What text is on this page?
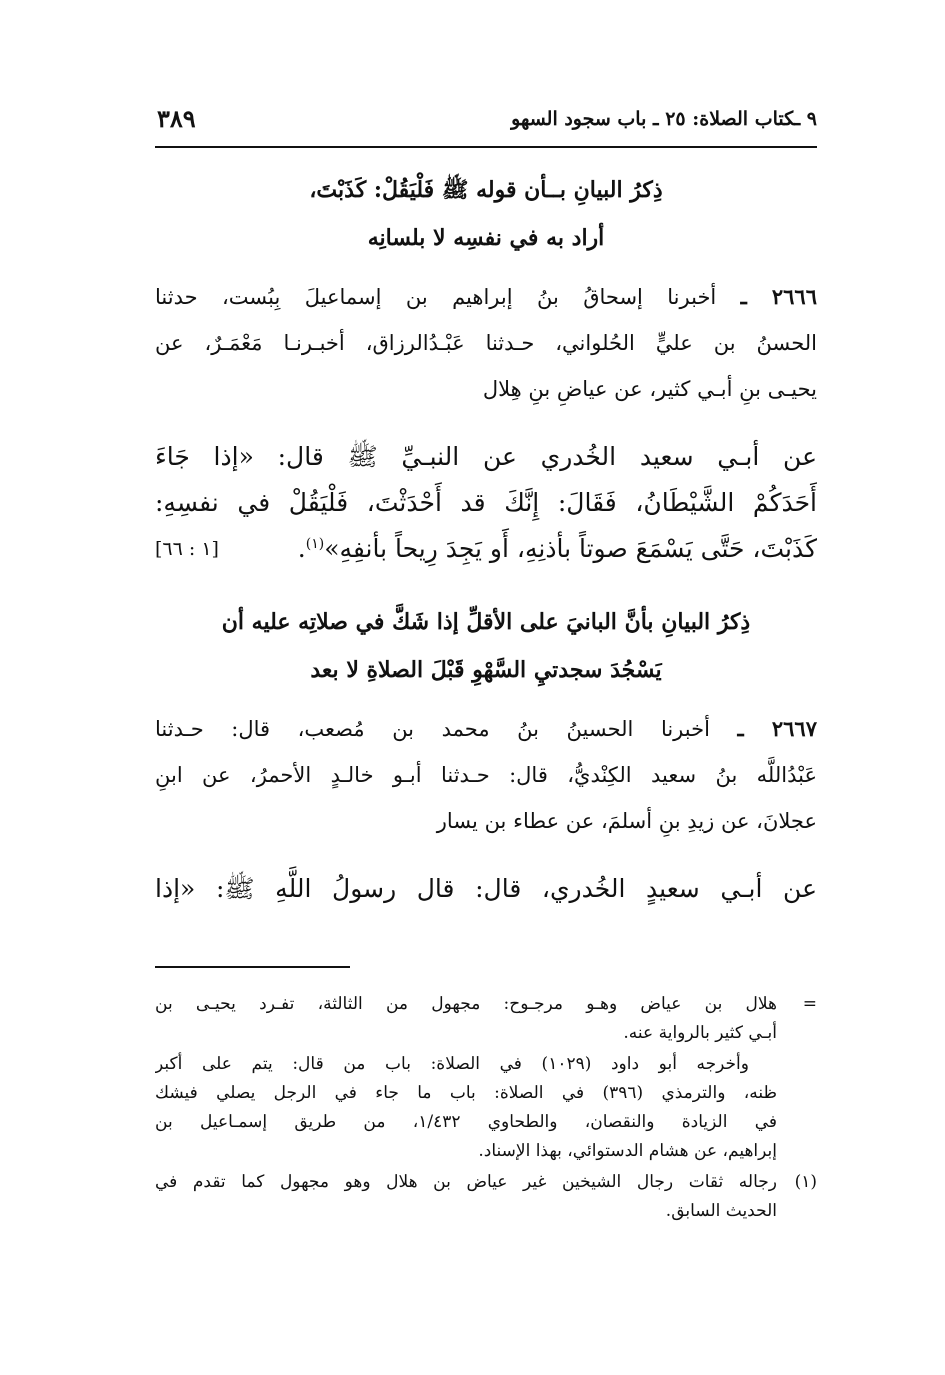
٩ ـكتاب الصلاة: ٢٥ ـ باب سجود السهو
٣٨٩
ذِكرُ البيانِ بــأن قوله ﷺ فَلْيَقُلْ: كَذَبْتَ،
أراد به في نفسِه لا بلسانِه
٢٦٦٦ ـ أخبرنا إسحاقُ بنُ إبراهيم بن إسماعيلَ بِبُست، حدثنا
الحسنُ بن عليٍّ الحُلواني، حـدثنا عَبْـدُالرزاق، أخبـرنـا مَعْمَـرٌ، عن
يحيـى بنِ أبـي كثير، عن عياضِ بنِ هِلال
عن أبـي سعيد الخُدري عن النبـيِّ ﷺ قال: «إذا جَاءَ
أَحَدَكُمْ الشَّيْطَانُ، فَقَالَ: إِنَّكَ قد أَحْدَثْتَ، فَلْيَقُلْ في نفسِهِ:
كَذَبْتَ، حَتَّى يَسْمَعَ صوتاً بأذنِهِ، أَو يَجِدَ رِيحاً بأنفِهِ»$^{(١)}$.
[١ : ٦٦]
ذِكرُ البيانِ بأنَّ البانيَ على الأقلِّ إذا شَكَّ في صلاتِه عليه أن
يَسْجُدَ سجدتيِ السَّهْوِ قَبْلَ الصلاةِ لا بعد
٢٦٦٧ ـ أخبرنا الحسينُ بنُ محمد بن مُصعب، قال: حـدثنا
عَبْدُاللَّه بنُ سعيد الكِنْديُّ، قال: حـدثنا أبـو خالـدٍ الأحمرُ، عن ابنِ
عجلانَ، عن زيدِ بنِ أسلمَ، عن عطاء بن يسار
عن أبـي سعيدٍ الخُدري، قال: قال رسولُ اللَّهِ ﷺ: «إذا
=
هلال بن عياض وهـو مرجـوح: مجهول من الثالثة، تفـرد يحيـى بن
أبـي كثير بالرواية عنه.
وأخرجه أبو داود (١٠٢٩) في الصلاة: باب من قال: يتم على أكبر
ظنه، والترمذي (٣٩٦) في الصلاة: باب ما جاء في الرجل يصلي فيشك
في الزيادة والنقصان، والطحاوي ١/٤٣٢، من طريق إسمـاعيل بن
إبراهيم، عن هشام الدستوائي، بهذا الإسناد.
(١)
رجاله ثقات رجال الشيخين غير عياض بن هلال وهو مجهول كما تقدم في
الحديث السابق.
